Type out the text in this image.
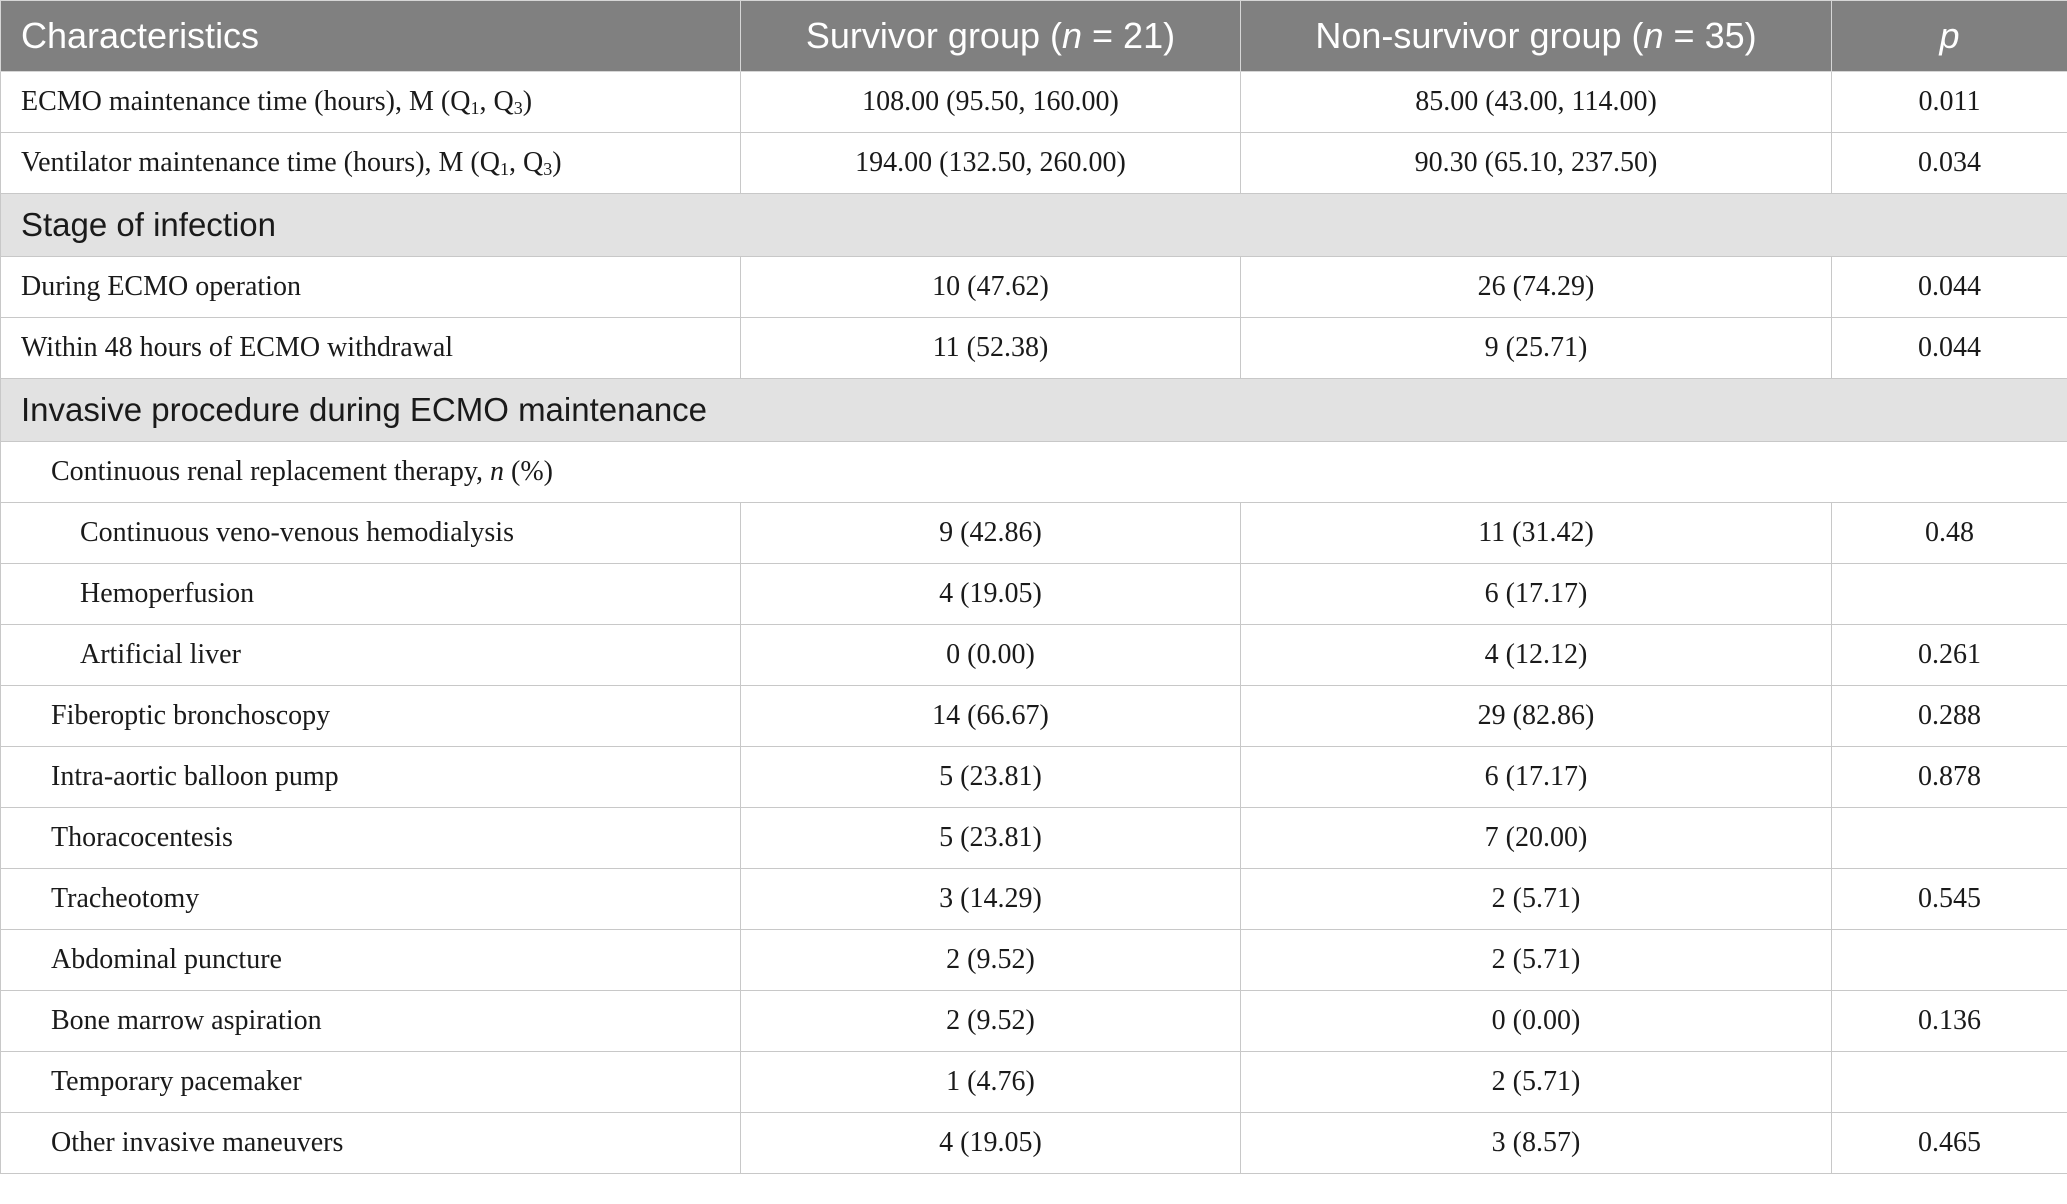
Characteristics	Survivor group (n = 21)	Non-survivor group (n = 35)	p
ECMO maintenance time (hours), M ($Q_1$, $Q_3$)	108.00 (95.50, 160.00)	85.00 (43.00, 114.00)	0.011
Ventilator maintenance time (hours), M ($Q_1$, $Q_3$)	194.00 (132.50, 260.00)	90.30 (65.10, 237.50)	0.034
Stage of infection			
During ECMO operation	10 (47.62)	26 (74.29)	0.044
Within 48 hours of ECMO withdrawal	11 (52.38)	9 (25.71)	0.044
Invasive procedure during ECMO maintenance			
Continuous renal replacement therapy, n (%)			
Continuous veno-venous hemodialysis	9 (42.86)	11 (31.42)	0.48
Hemoperfusion	4 (19.05)	6 (17.17)	
Artificial liver	0 (0.00)	4 (12.12)	0.261
Fiberoptic bronchoscopy	14 (66.67)	29 (82.86)	0.288
Intra-aortic balloon pump	5 (23.81)	6 (17.17)	0.878
Thoracocentesis	5 (23.81)	7 (20.00)	
Tracheotomy	3 (14.29)	2 (5.71)	0.545
Abdominal puncture	2 (9.52)	2 (5.71)	
Bone marrow aspiration	2 (9.52)	0 (0.00)	0.136
Temporary pacemaker	1 (4.76)	2 (5.71)	
Other invasive maneuvers	4 (19.05)	3 (8.57)	0.465
